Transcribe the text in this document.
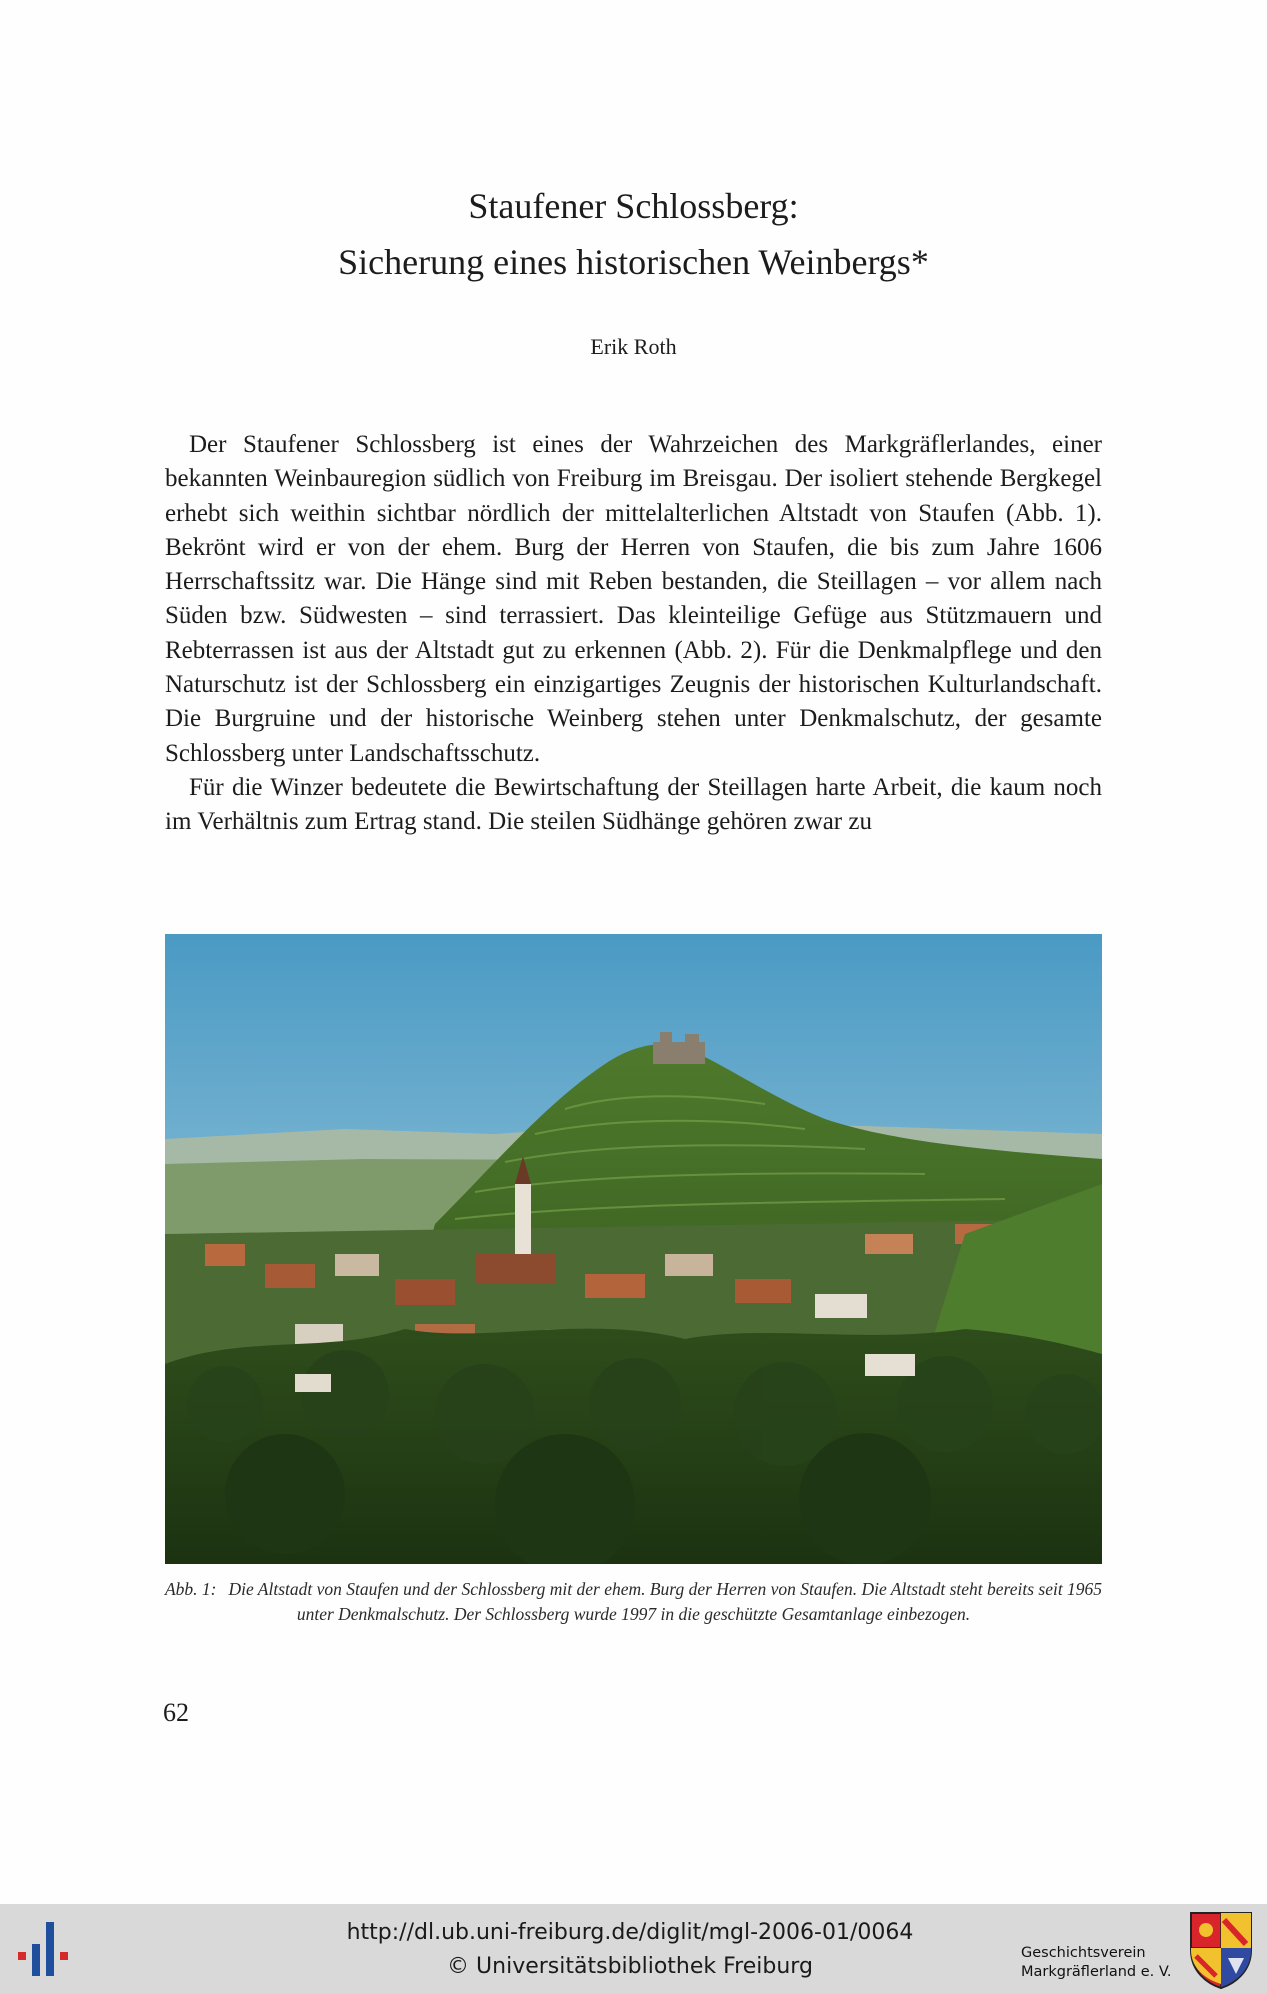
Staufener Schlossberg:
Sicherung eines historischen Weinbergs*
Erik Roth

Der Staufener Schlossberg ist eines der Wahrzeichen des Markgräflerlandes, einer bekannten Weinbauregion südlich von Freiburg im Breisgau. Der isoliert stehende Bergkegel erhebt sich weithin sichtbar nördlich der mittelalterlichen Altstadt von Staufen (Abb. 1). Bekrönt wird er von der ehem. Burg der Herren von Staufen, die bis zum Jahre 1606 Herrschaftssitz war. Die Hänge sind mit Reben bestanden, die Steillagen – vor allem nach Süden bzw. Südwesten – sind terrassiert. Das kleinteilige Gefüge aus Stützmauern und Rebterrassen ist aus der Altstadt gut zu erkennen (Abb. 2). Für die Denkmalpflege und den Naturschutz ist der Schlossberg ein einzigartiges Zeugnis der historischen Kulturlandschaft. Die Burgruine und der historische Weinberg stehen unter Denkmalschutz, der gesamte Schlossberg unter Landschaftsschutz.

Für die Winzer bedeutete die Bewirtschaftung der Steillagen harte Arbeit, die kaum noch im Verhältnis zum Ertrag stand. Die steilen Südhänge gehören zwar zu

Abb. 1: Die Altstadt von Staufen und der Schlossberg mit der ehem. Burg der Herren von Staufen. Die Altstadt steht bereits seit 1965 unter Denkmalschutz. Der Schlossberg wurde 1997 in die geschützte Gesamtanlage einbezogen.
62
http://dl.ub.uni-freiburg.de/diglit/mgl-2006-01/0064
© Universitätsbibliothek Freiburg
Geschichtsverein
Markgräflerland e. V.
